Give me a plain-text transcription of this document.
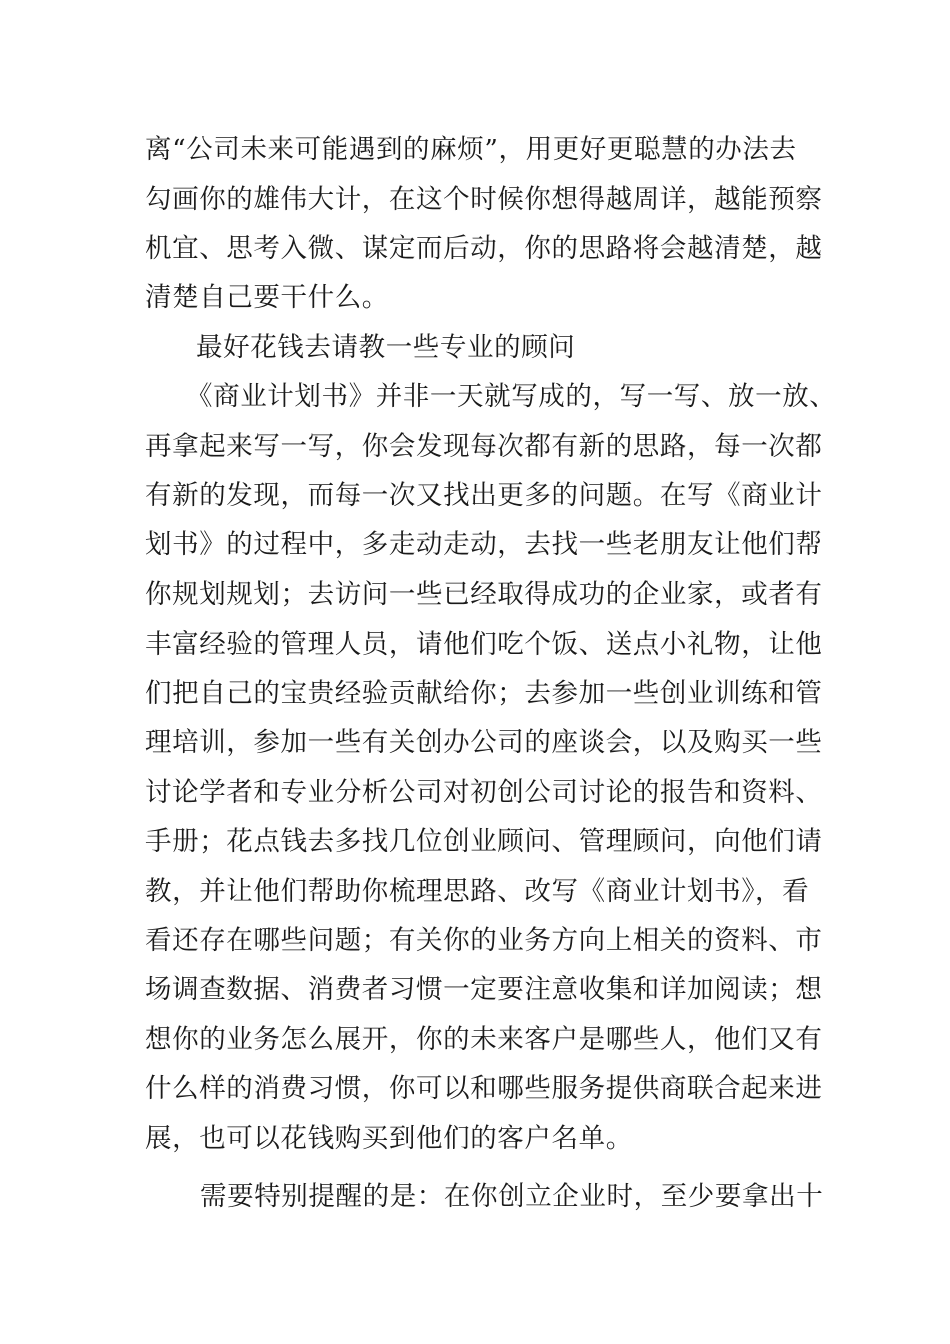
离“公司未来可能遇到的麻烦”，用更好更聪慧的办法去
勾画你的雄伟大计，在这个时候你想得越周详，越能预察
机宜、思考入微、谋定而后动，你的思路将会越清楚，越
清楚自己要干什么。
最好花钱去请教一些专业的顾问
《商业计划书》并非一天就写成的，写一写、放一放、
再拿起来写一写，你会发现每次都有新的思路，每一次都
有新的发现，而每一次又找出更多的问题。在写《商业计
划书》的过程中，多走动走动，去找一些老朋友让他们帮
你规划规划；去访问一些已经取得成功的企业家，或者有
丰富经验的管理人员，请他们吃个饭、送点小礼物，让他
们把自己的宝贵经验贡献给你；去参加一些创业训练和管
理培训，参加一些有关创办公司的座谈会，以及购买一些
讨论学者和专业分析公司对初创公司讨论的报告和资料、
手册；花点钱去多找几位创业顾问、管理顾问，向他们请
教，并让他们帮助你梳理思路、改写《商业计划书》，看
看还存在哪些问题；有关你的业务方向上相关的资料、市
场调查数据、消费者习惯一定要注意收集和详加阅读；想
想你的业务怎么展开，你的未来客户是哪些人，他们又有
什么样的消费习惯，你可以和哪些服务提供商联合起来进
展，也可以花钱购买到他们的客户名单。
需要特别提醒的是：在你创立企业时，至少要拿出十
